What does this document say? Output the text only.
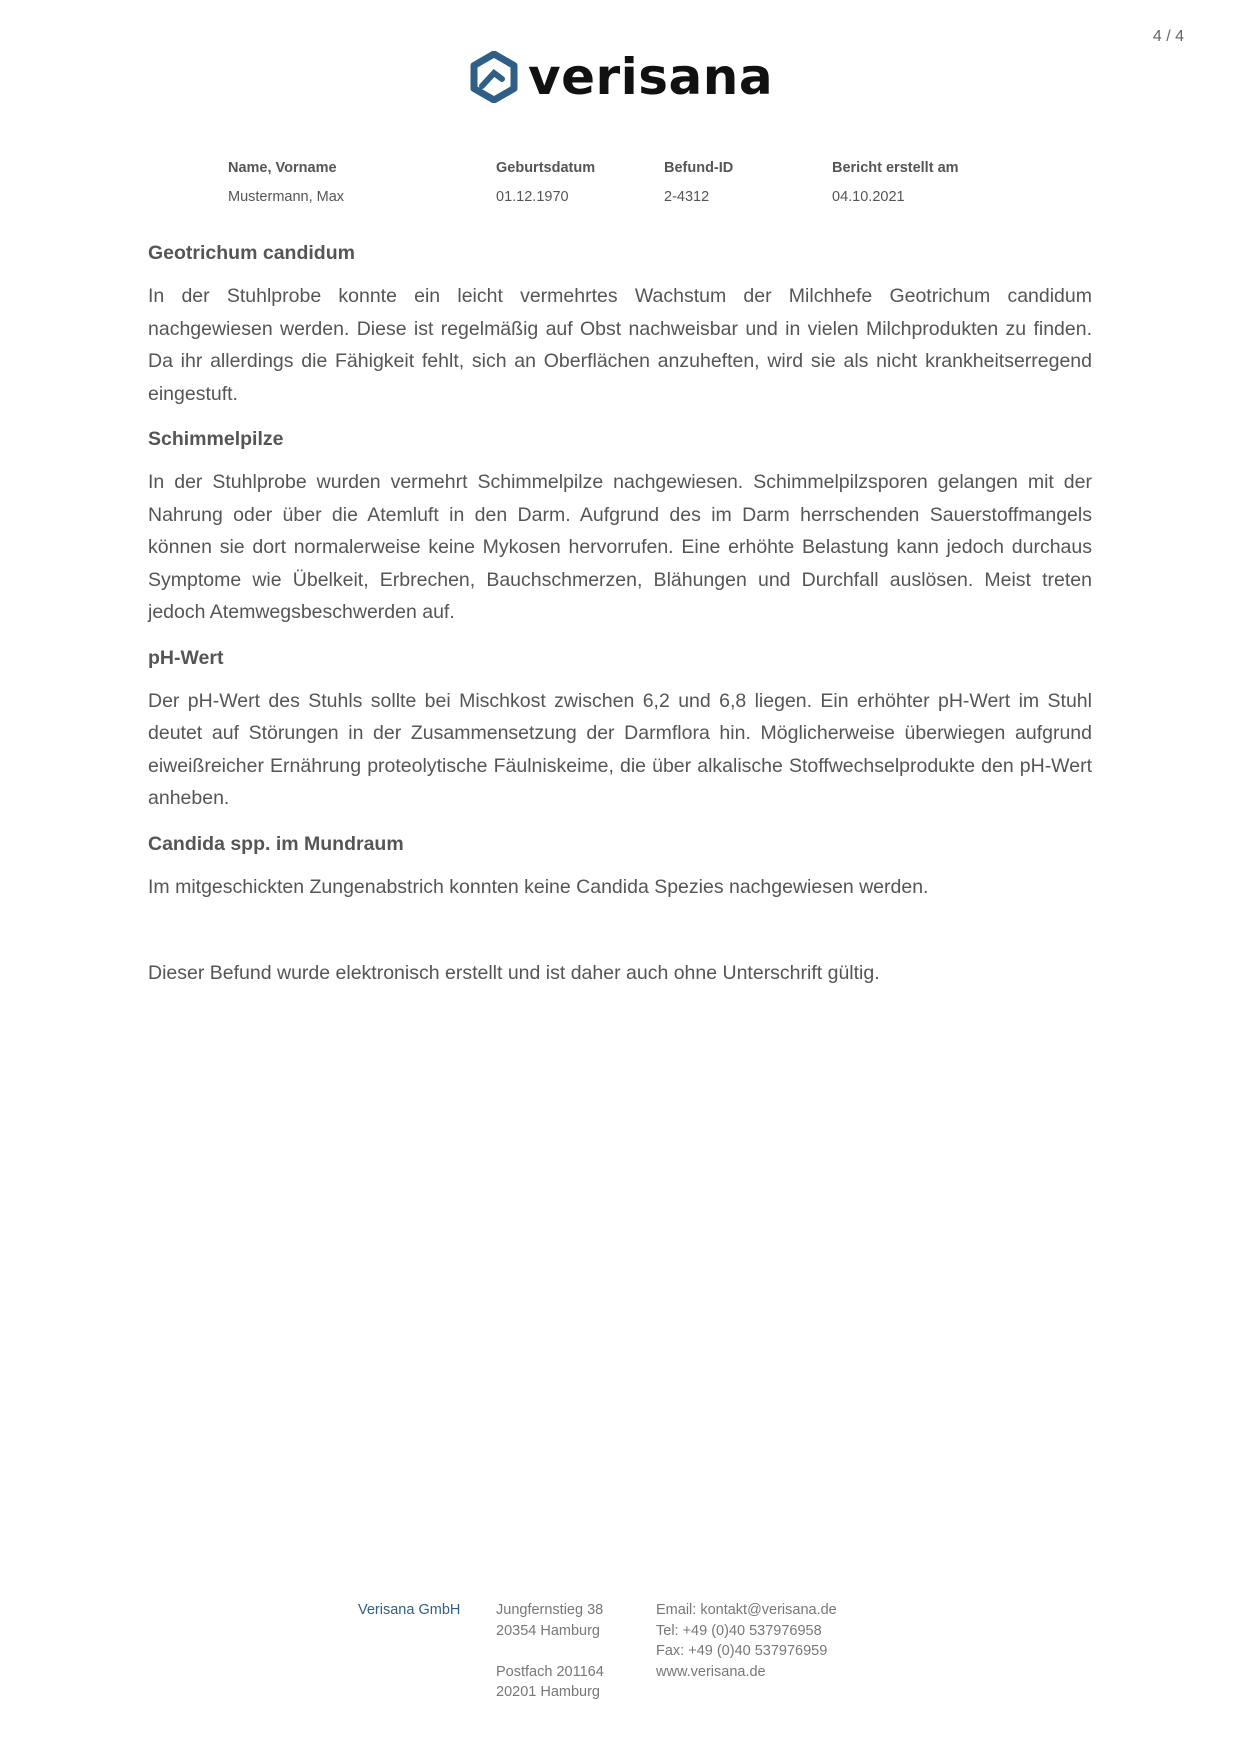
4 / 4
verisana
Name, Vorname	Geburtsdatum	Befund-ID	Bericht erstellt am
Mustermann, Max	01.12.1970	2-4312	04.10.2021
Geotrichum candidum

In der Stuhlprobe konnte ein leicht vermehrtes Wachstum der Milchhefe Geotrichum candidum nachgewiesen werden. Diese ist regelmäßig auf Obst nachweisbar und in vielen Milchprodukten zu finden. Da ihr allerdings die Fähigkeit fehlt, sich an Oberflächen anzuheften, wird sie als nicht krankheitserregend eingestuft.

Schimmelpilze

In der Stuhlprobe wurden vermehrt Schimmelpilze nachgewiesen. Schimmelpilzsporen gelangen mit der Nahrung oder über die Atemluft in den Darm. Aufgrund des im Darm herrschenden Sauerstoffmangels können sie dort normalerweise keine Mykosen hervorrufen. Eine erhöhte Belastung kann jedoch durchaus Symptome wie Übelkeit, Erbrechen, Bauchschmerzen, Blähungen und Durchfall auslösen. Meist treten jedoch Atemwegsbeschwerden auf.

pH-Wert

Der pH-Wert des Stuhls sollte bei Mischkost zwischen 6,2 und 6,8 liegen. Ein erhöhter pH-Wert im Stuhl deutet auf Störungen in der Zusammensetzung der Darmflora hin. Möglicherweise überwiegen aufgrund eiweißreicher Ernährung proteolytische Fäulniskeime, die über alkalische Stoffwechselprodukte den pH-Wert anheben.

Candida spp. im Mundraum

Im mitgeschickten Zungenabstrich konnten keine Candida Spezies nachgewiesen werden.

Dieser Befund wurde elektronisch erstellt und ist daher auch ohne Unterschrift gültig.

Verisana GmbH	Jungfernstieg 38
20354 Hamburg
Postfach 201164
20201 Hamburg
Email: kontakt@verisana.de
Tel: +49 (0)40 537976958
Fax: +49 (0)40 537976959
www.verisana.de
